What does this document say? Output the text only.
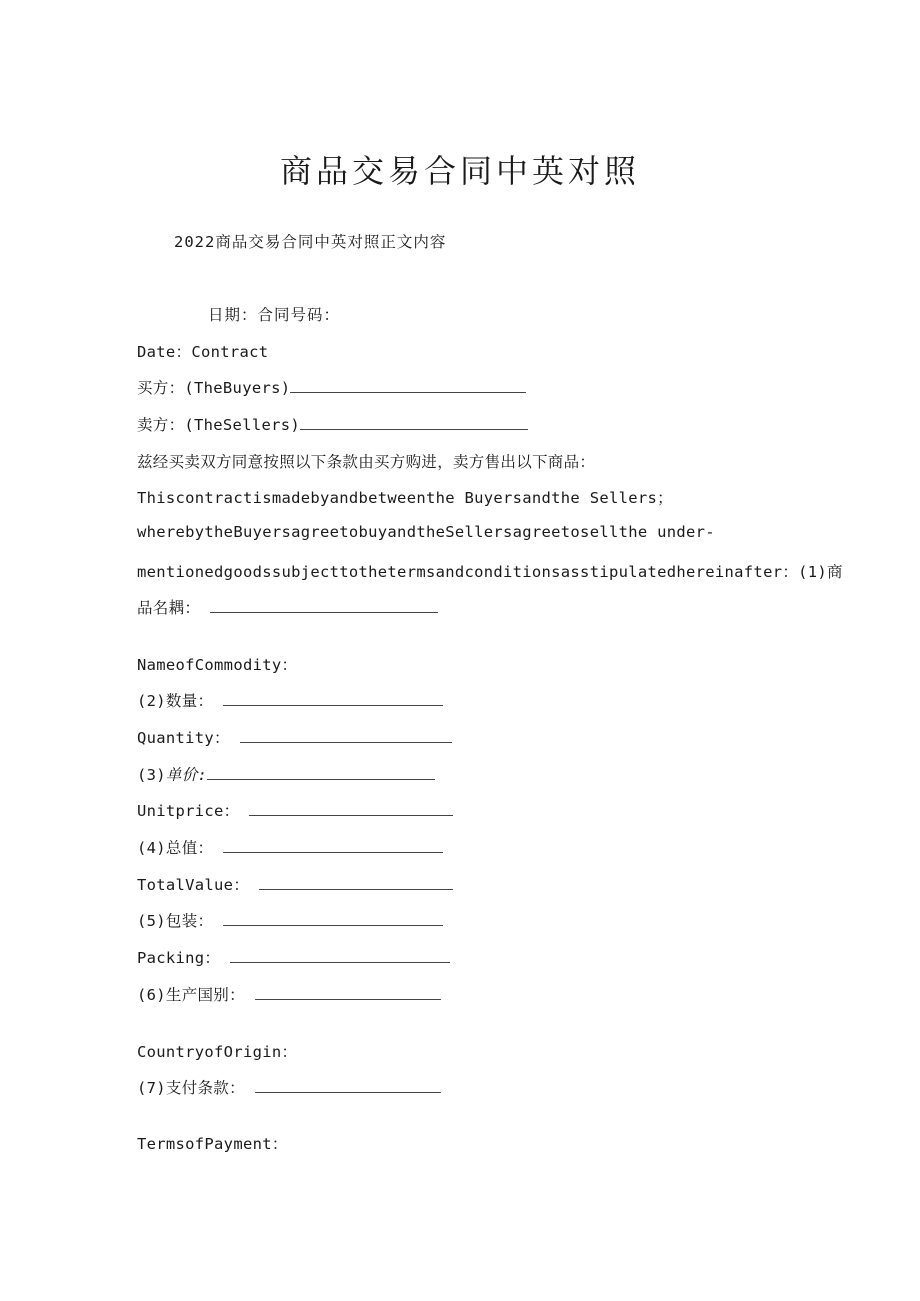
商品交易合同中英对照
2022商品交易合同中英对照正文内容
日期：合同号码：
Date：Contract
买方：(TheBuyers)
卖方：(TheSellers)
兹经买卖双方同意按照以下条款由买方购进，卖方售出以下商品：
Thiscontractismadebyandbetweenthe Buyersandthe Sellers；
wherebytheBuyersagreetobuyandtheSellersagreetosellthe under-
mentionedgoodssubjecttothetermsandconditionsasstipulatedhereinafter：(1)商
品名耦：
NameofCommodity：
(2)数量：
Quantity：
(3)单价:
Unitprice：
(4)总值：
TotalValue：
(5)包装：
Packing：
(6)生产国别：
CountryofOrigin：
(7)支付条款：
TermsofPayment：
